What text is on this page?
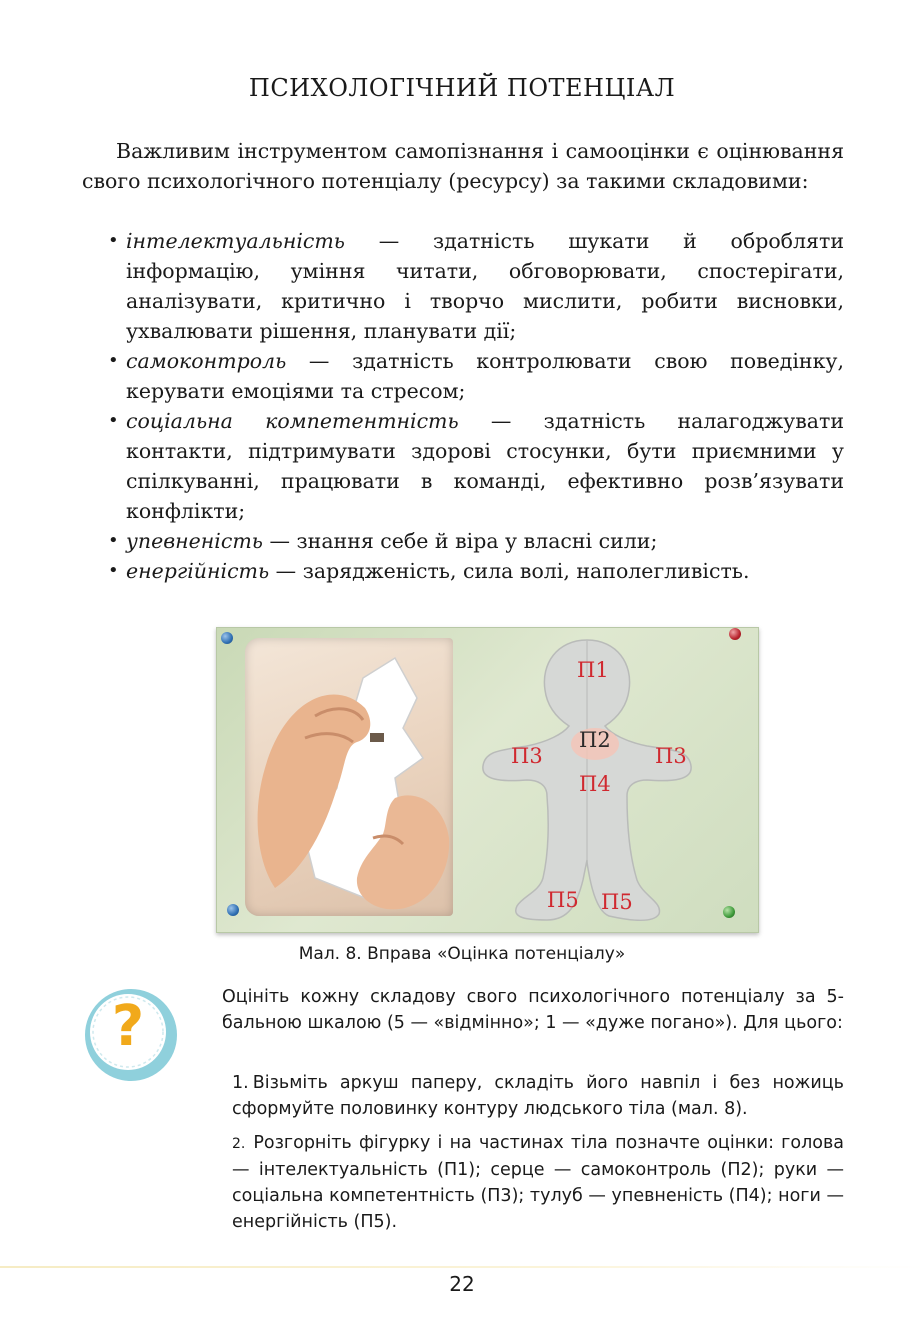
ПСИХОЛОГІЧНИЙ ПОТЕНЦІАЛ

Важливим інструментом самопізнання і самооцінки є оцінювання свого психологічного потенціалу (ресурсу) за такими складовими:

• інтелектуальність — здатність шукати й обробляти інформацію, уміння читати, обговорювати, спостерігати, аналізувати, критично і творчо мислити, робити висновки, ухвалювати рішення, планувати дії;
• самоконтроль — здатність контролювати свою поведінку, керувати емоціями та стресом;
• соціальна компетентність — здатність налагоджувати контакти, підтримувати здорові стосунки, бути приємними у спілкуванні, працювати в команді, ефективно розв’язувати конфлікти;
• упевненість — знання себе й віра у власні сили;
• енергійність — зарядженість, сила волі, наполегливість.
П1
П2
П3	П3
П4
П5 П5
Мал. 8. Вправа «Оцінка потенціалу»
?	Оцініть кожну складову свого психологічного потенціалу за 5-бальною шкалою (5 — «відмінно»; 1 — «дуже погано»). Для цього:

1. Візьміть аркуш паперу, складіть його навпіл і без ножиць сформуйте половинку контуру людського тіла (мал. 8).
2. Розгорніть фігурку і на частинах тіла позначте оцінки: голова — інтелектуальність (П1); серце — самоконтроль (П2); руки — соціальна компетентність (П3); тулуб — упевненість (П4); ноги — енергійність (П5).
22
